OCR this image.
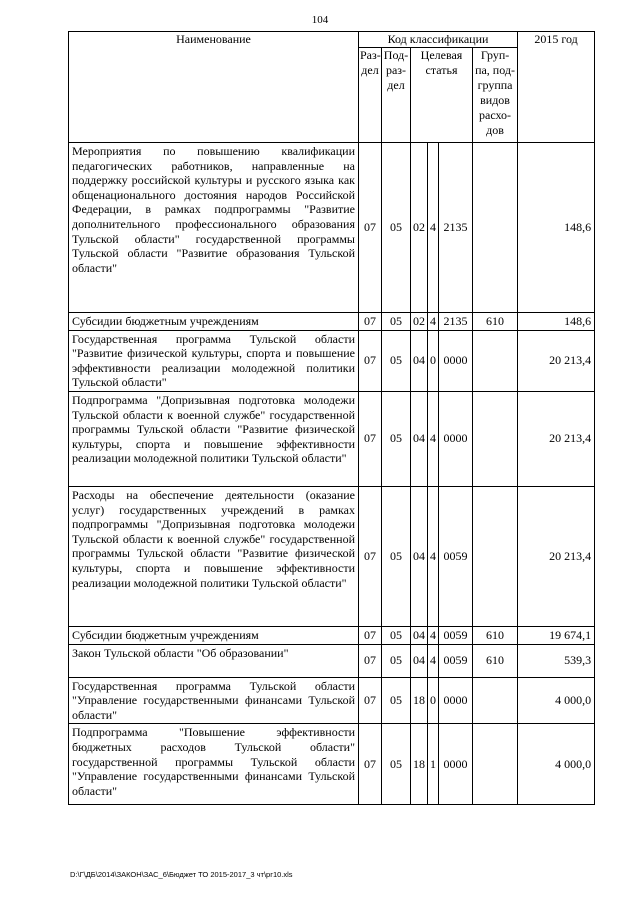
104
Наименование	Код классификации						2015 год
	Раз-дел	Под-раз-дел	Целевая статья			Груп-па, под-группа видов расхо-дов	
Мероприятия по повышению квалификации педагогических работников, направленные на поддержку российской культуры и русского языка как общенационального достояния народов Российской Федерации, в рамках подпрограммы "Развитие дополнительного профессионального образования Тульской области" государственной программы Тульской области "Развитие образования Тульской области"	07	05	02	4	2135		148,6
Субсидии бюджетным учреждениям	07	05	02	4	2135	610	148,6
Государственная программа Тульской области "Развитие физической культуры, спорта и повышение эффективности реализации молодежной политики Тульской области"	07	05	04	0	0000		20 213,4
Подпрограмма "Допризывная подготовка молодежи Тульской области к военной службе" государственной программы Тульской области "Развитие физической культуры, спорта и повышение эффективности реализации молодежной политики Тульской области"	07	05	04	4	0000		20 213,4
Расходы на обеспечение деятельности (оказание услуг) государственных учреждений в рамках подпрограммы "Допризывная подготовка молодежи Тульской области к военной службе" государственной программы Тульской области "Развитие физической культуры, спорта и повышение эффективности реализации молодежной политики Тульской области"	07	05	04	4	0059		20 213,4
Субсидии бюджетным учреждениям	07	05	04	4	0059	610	19 674,1
Закон Тульской области "Об образовании"	07	05	04	4	0059	610	539,3
Государственная программа Тульской области "Управление государственными финансами Тульской области"	07	05	18	0	0000		4 000,0
Подпрограмма "Повышение эффективности бюджетных расходов Тульской области" государственной программы Тульской области "Управление государственными финансами Тульской области"	07	05	18	1	0000		4 000,0
D:\Г\ДБ\2014\ЗАКОН\ЗАС_6\Бюджет ТО 2015-2017_3 чт\рг10.xls
